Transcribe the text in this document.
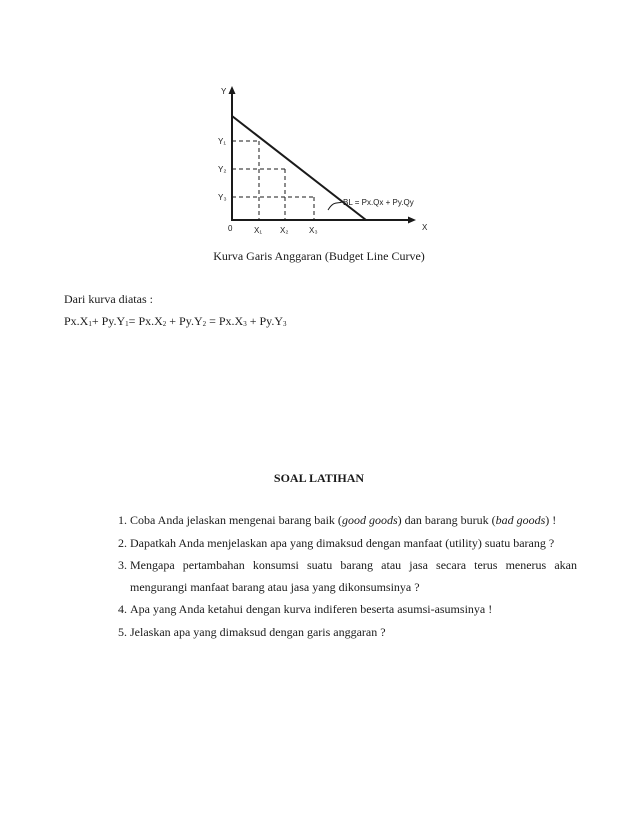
Y
X
0
Y₁
Y₂
Y₃
X₁ X₂	X₃
BL = Px.Qx + Py.Qy
Kurva Garis Anggaran (Budget Line Curve)
Dari kurva diatas :
$Px.X_1+ Py.Y_1= Px.X_2 + Py.Y_2 = Px.X_3 + Py.Y_3$
SOAL LATIHAN
1. Coba Anda jelaskan mengenai barang baik (good goods) dan barang buruk (bad goods) !
2. Dapatkah Anda menjelaskan apa yang dimaksud dengan manfaat (utility) suatu barang ?
3. Mengapa pertambahan konsumsi suatu barang atau jasa secara terus menerus akan mengurangi manfaat barang atau jasa yang dikonsumsinya ?
4. Apa yang Anda ketahui dengan kurva indiferen beserta asumsi-asumsinya !
5. Jelaskan apa yang dimaksud dengan garis anggaran ?
